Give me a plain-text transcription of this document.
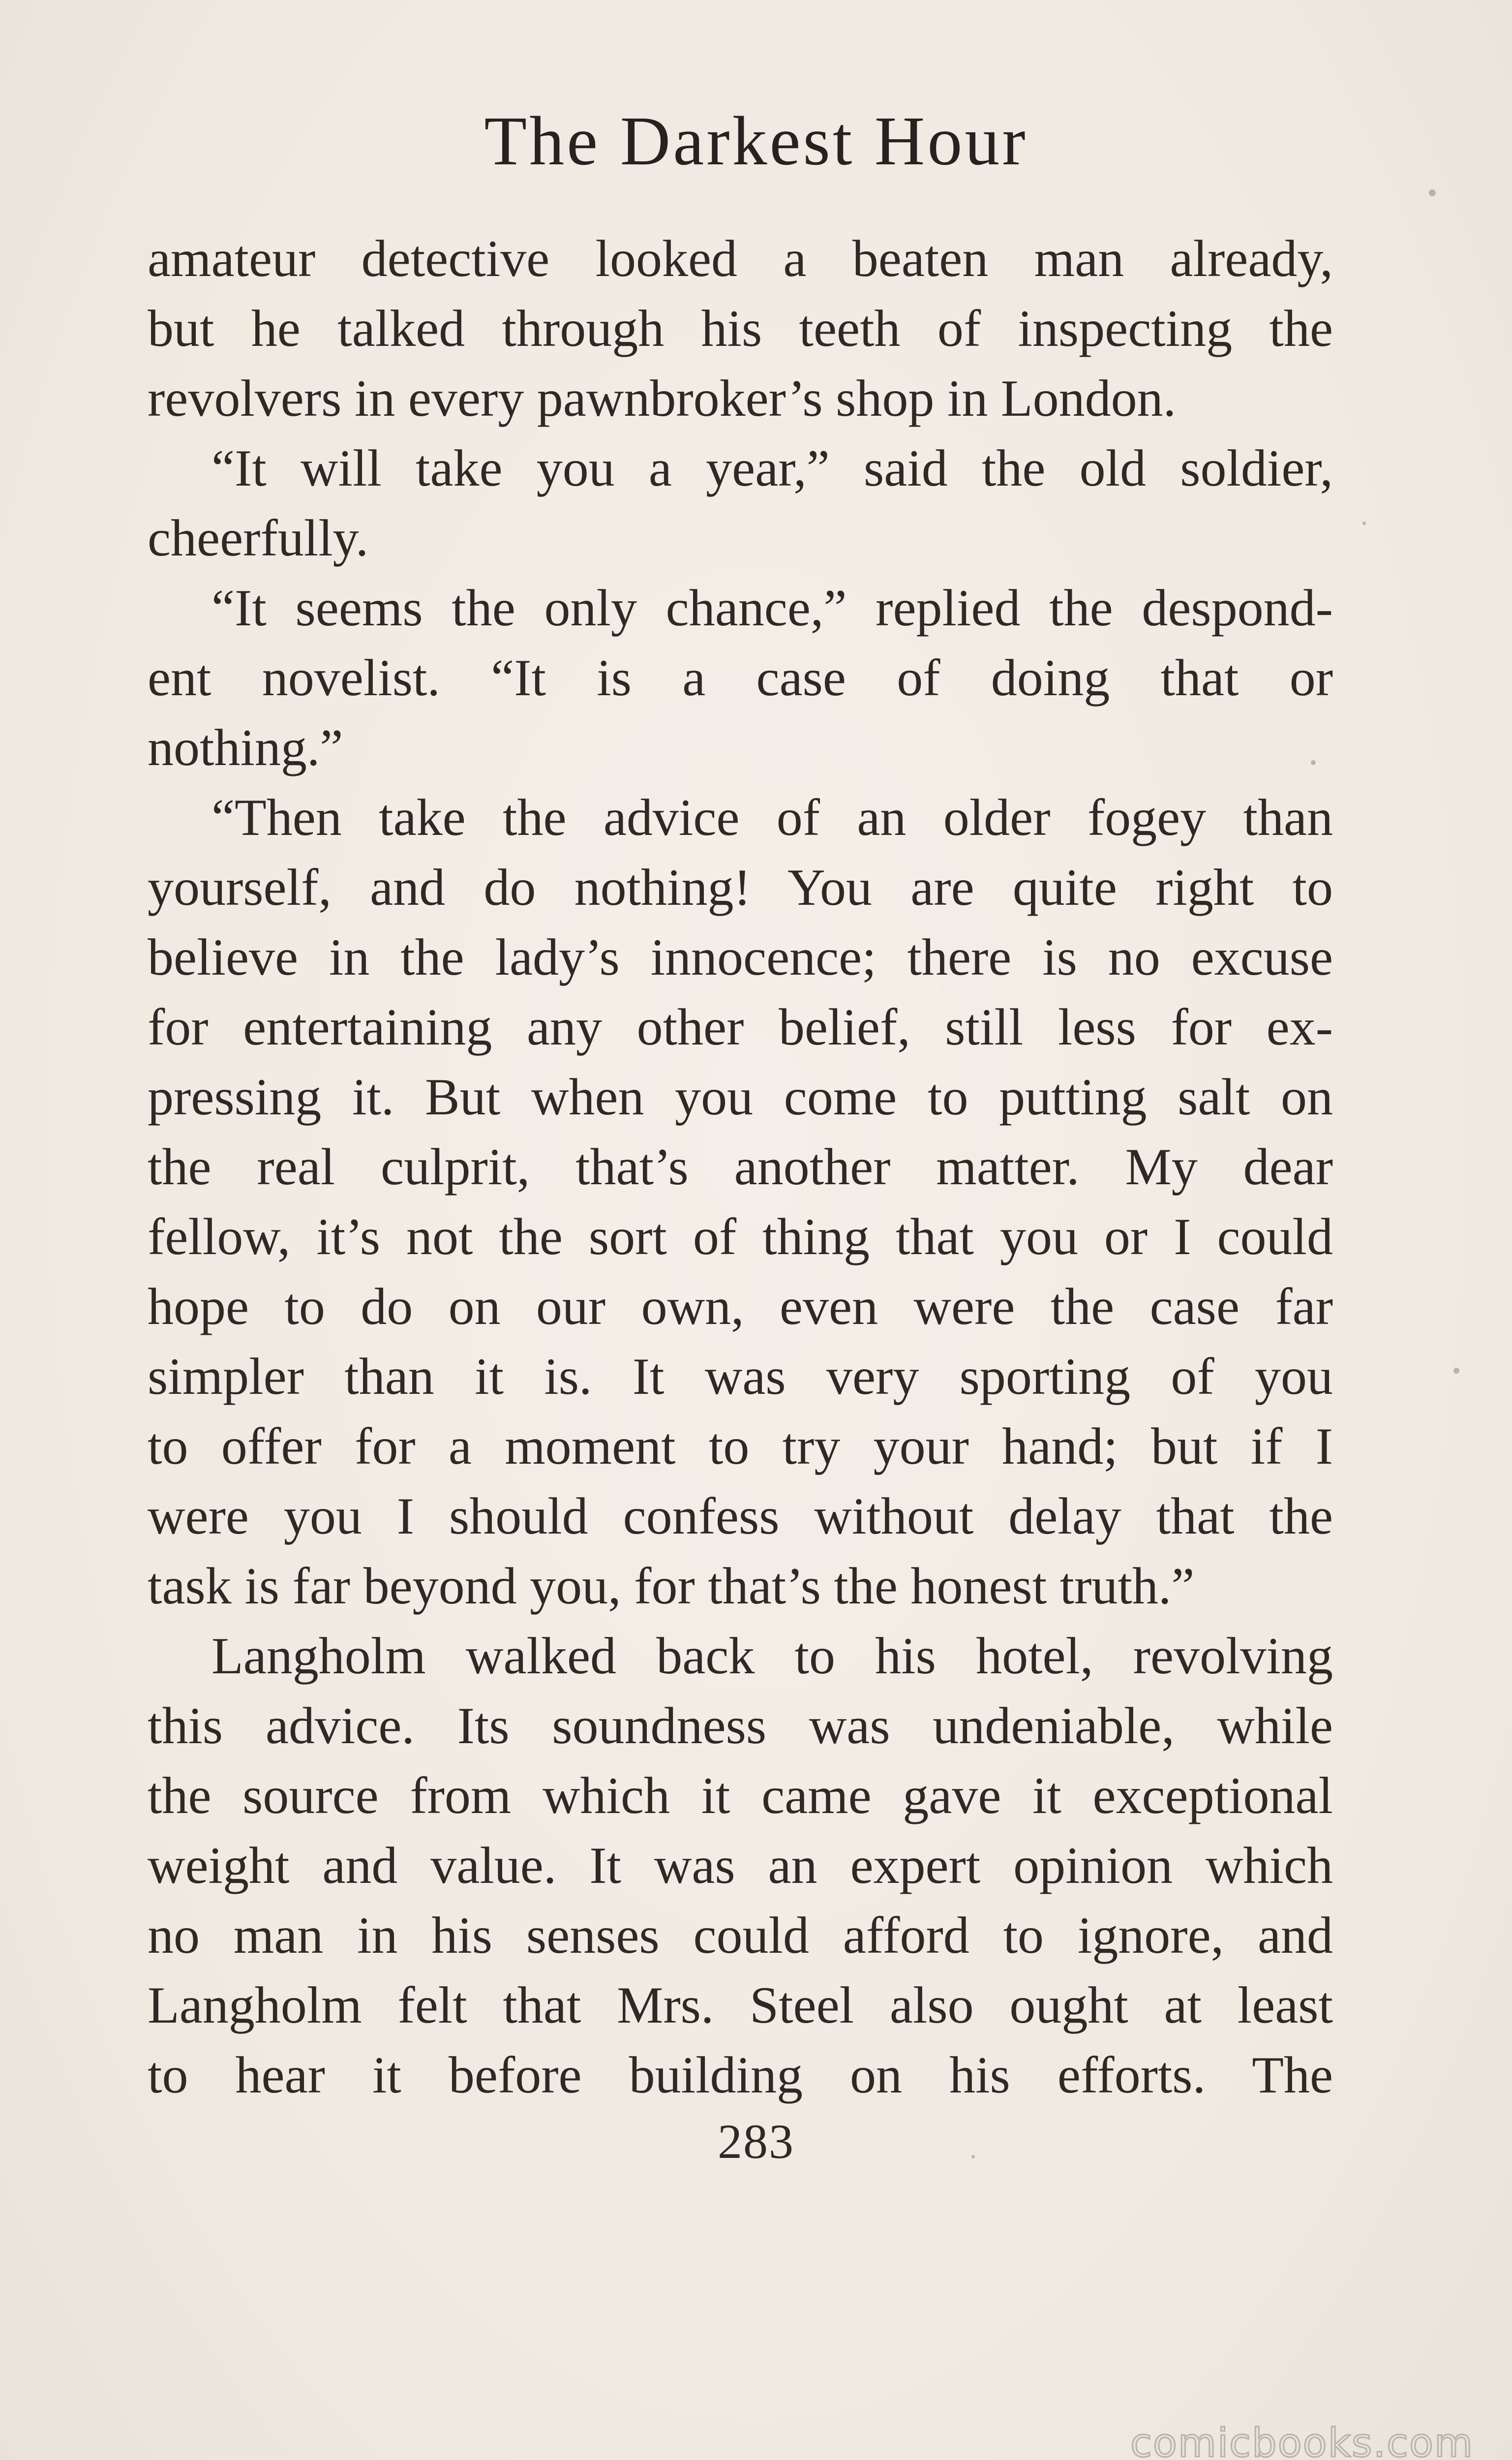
The Darkest Hour
amateur detective looked a beaten man already,
but he talked through his teeth of inspecting the
revolvers in every pawnbroker’s shop in London.
“It will take you a year,” said the old soldier,
cheerfully.
“It seems the only chance,” replied the despond-
ent novelist. “It is a case of doing that or
nothing.”
“Then take the advice of an older fogey than
yourself, and do nothing! You are quite right to
believe in the lady’s innocence; there is no excuse
for entertaining any other belief, still less for ex-
pressing it. But when you come to putting salt on
the real culprit, that’s another matter. My dear
fellow, it’s not the sort of thing that you or I could
hope to do on our own, even were the case far
simpler than it is. It was very sporting of you
to offer for a moment to try your hand; but if I
were you I should confess without delay that the
task is far beyond you, for that’s the honest truth.”
Langholm walked back to his hotel, revolving
this advice. Its soundness was undeniable, while
the source from which it came gave it exceptional
weight and value. It was an expert opinion which
no man in his senses could afford to ignore, and
Langholm felt that Mrs. Steel also ought at least
to hear it before building on his efforts. The
283
comicbooks.com
